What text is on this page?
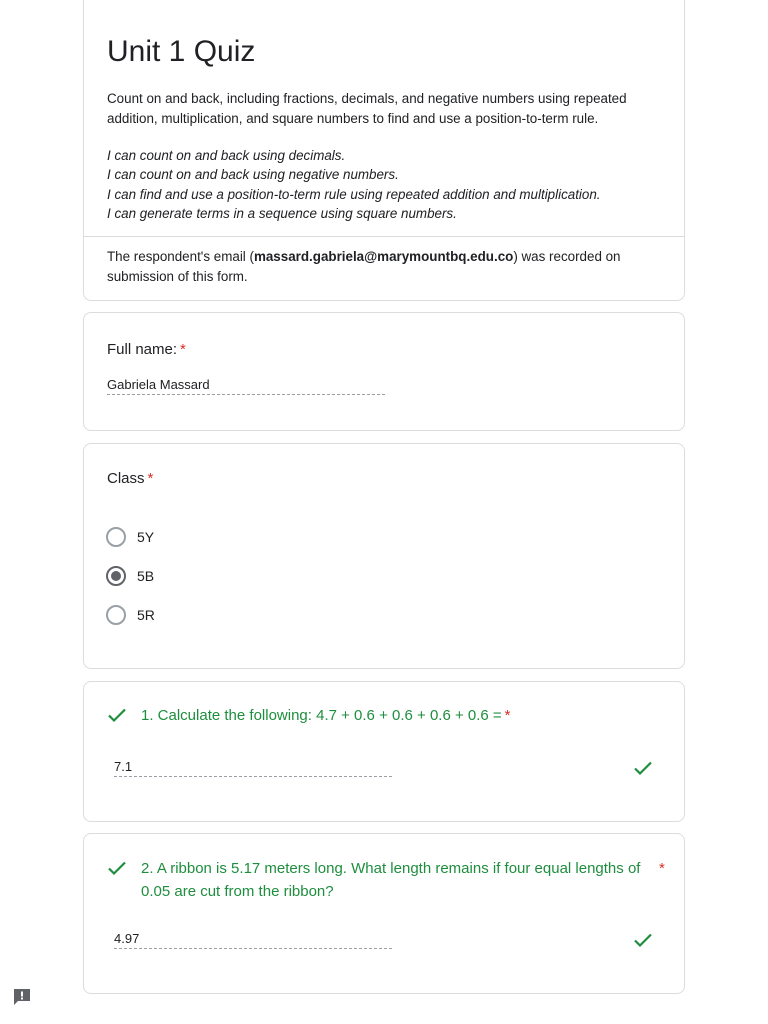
Unit 1 Quiz

Count on and back, including fractions, decimals, and negative numbers using repeated addition, multiplication, and square numbers to find and use a position-to-term rule.

I can count on and back using decimals.
I can count on and back using negative numbers.
I can find and use a position-to-term rule using repeated addition and multiplication.
I can generate terms in a sequence using square numbers.

The respondent's email (massard.gabriela@marymountbq.edu.co) was recorded on submission of this form.

Full name: *
Gabriela Massard
Class *
5Y
5B
5R
1. Calculate the following: 4.7 + 0.6 + 0.6 + 0.6 + 0.6 = *
7.1
2. A ribbon is 5.17 meters long. What length remains if four equal lengths of 0.05 are cut from the ribbon?
*
4.97
